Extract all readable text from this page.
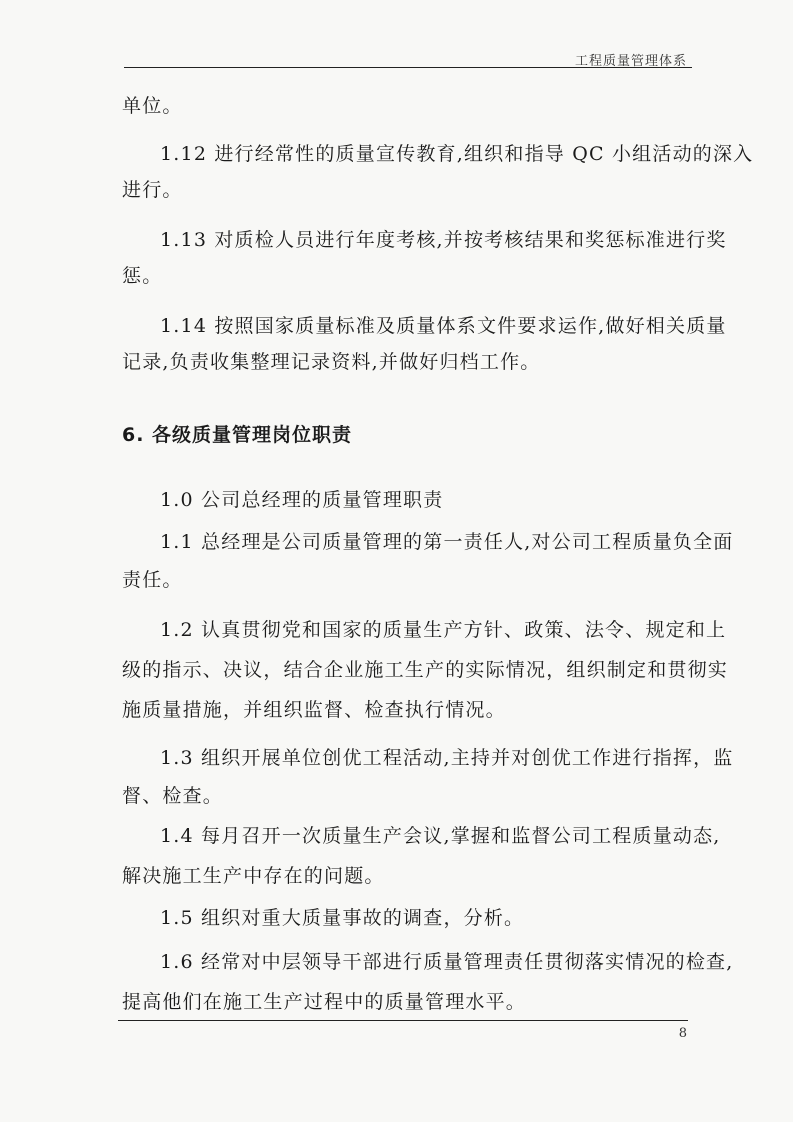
工程质量管理体系

单位。

1.12 进行经常性的质量宣传教育,组织和指导 QC 小组活动的深入

进行。

1.13 对质检人员进行年度考核,并按考核结果和奖惩标准进行奖

惩。

1.14 按照国家质量标准及质量体系文件要求运作,做好相关质量

记录,负责收集整理记录资料,并做好归档工作。

6. 各级质量管理岗位职责

1.0 公司总经理的质量管理职责

1.1 总经理是公司质量管理的第一责任人,对公司工程质量负全面

责任。

1.2 认真贯彻党和国家的质量生产方针、政策、法令、规定和上

级的指示、决议，结合企业施工生产的实际情况，组织制定和贯彻实

施质量措施，并组织监督、检查执行情况。

1.3 组织开展单位创优工程活动,主持并对创优工作进行指挥，监

督、检查。

1.4 每月召开一次质量生产会议,掌握和监督公司工程质量动态,

解决施工生产中存在的问题。

1.5 组织对重大质量事故的调查，分析。

1.6 经常对中层领导干部进行质量管理责任贯彻落实情况的检查,

提高他们在施工生产过程中的质量管理水平。

8
